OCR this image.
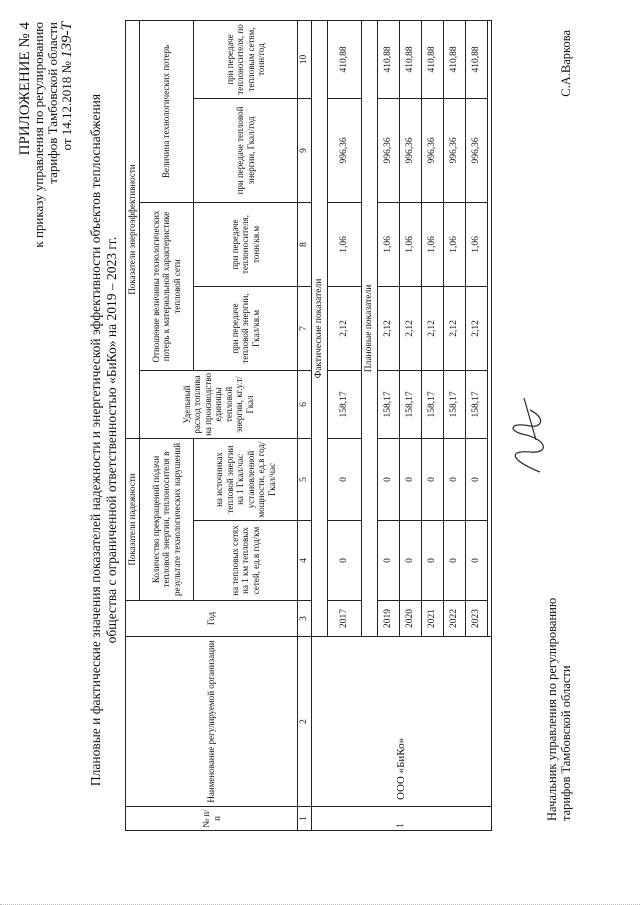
ПРИЛОЖЕНИЕ № 4
к приказу управления по регулированию тарифов Тамбовской области от 14.12.2018 № 139-Т
Плановые и фактические значения показателей надежности и энергетической эффективности объектов теплоснабжения общества с ограниченной ответственностью «БиКо» на 2019 – 2023 гг.
№ п/п	Наименование регулируемой организации	Год	Показатели надежности		Показатели энергоэффективности				
			Количество прекращений подачи тепловой энергии, теплоносителя в результате технологических нарушений		Удельный расход топлива на производство единицы тепловой энергии, кг.у.т/Гкал	Отношение величины технологических потерь к материальной характеристике тепловой сети		Величина технологических потерь	
			на тепловых сетях на 1 км тепловых сетей, ед.в год/км	на источниках тепловой энергии на 1 Гкал/час установленной мощности, ед.в год/Гкал/час		при передаче тепловой энергии, Гкал/кв.м	при передаче теплоносителя, тонн/кв.м	при передаче тепловой энергии, Гкал/год	при передаче теплоносителя, по тепловым сетям, тонн/год
1	2	3	4	5	6	7	8	9	10
1	ООО «БиКо»	Фактические показатели							
		2017	0	0	158,17	2,12	1,06	996,36	410,88
		Плановые показатели							
		2019	0	0	158,17	2,12	1,06	996,36	410,88
		2020	0	0	158,17	2,12	1,06	996,36	410,88
		2021	0	0	158,17	2,12	1,06	996,36	410,88
		2022	0	0	158,17	2,12	1,06	996,36	410,88
		2023	0	0	158,17	2,12	1,06	996,36	410,88

Начальник управления по регулированию тарифов Тамбовской области
С.А.Варкова
